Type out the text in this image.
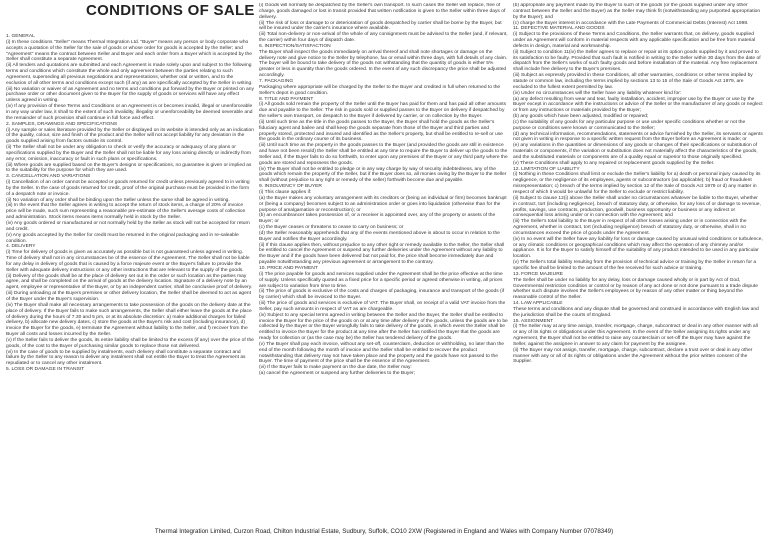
CONDITIONS OF SALE

1. GENERAL

(i) In these conditions "Seller" means Thermal Integration Ltd. "Buyer" means any person or body corporate who accepts a quotation of the Seller for the sale of goods or whose order for goods is accepted by the Seller; and "Agreement" means the contract between Seller and Buyer and each order from a Buyer which is accepted by the Seller shall constitute a separate Agreement.

(ii) All tenders and quotations are submitted and each Agreement is made solely upon and subject to the following terms and conditions which constitute the whole and only agreement between the parties relating to such Agreement, superseding all previous negotiations and representations, whether oral or written, and to the exclusion of all other terms and conditions except such (if any) as are specifically accepted by the Seller in writing.

(iii) No variation or waiver of an Agreement and no terms and conditions put forward by the Buyer or printed on any purchase order or other document given to the Buyer for the supply of goods or services will have any effect unless agreed in writing.

(iv) If any provision of these Terms and Conditions or an Agreement is or becomes invalid, illegal or unenforceable in any way under law, it shall to the extent of such invalidity, illegality or unenforceability be deemed severable and the remainder of such provision shall continue in full force and effect.

2. SAMPLES, DRAWINGS AND SPECIFICATIONS

(i) Any sample or sales literature provided by the Seller or displayed on its website is intended only as an indication of the quality, colour, size and finish of the product and the Seller will not accept liability for any deviation in the goods supplied arising from factors outside its control.

(ii) The Seller shall not be under any obligation to check or verify the accuracy or adequacy of any plans or specifications supplied by the Buyer and the Seller shall not be liable for any loss arising directly or indirectly from any error, omission, inaccuracy or fault in such plans or specifications.

(iii) Where goods are supplied based on the Buyer's designs or specifications, no guarantee is given or implied as to the suitability for the purpose for which they are used.

3. CANCELLATION AND VARIATIONS

(i) Cancellation of an order cannot be accepted or goods returned for credit unless previously agreed to in writing by the Seller. In the case of goods returned for credit, proof of the original purchase must be provided in the form of a despatch note or invoice.

(ii) No variation of any order shall be binding upon the Seller unless the same shall be agreed in writing.

(iii) In the event that the Seller agrees in writing to accept the return of stock items, a charge of 20% of invoice price will be made, such sum representing a reasonable pre-estimate of the Seller's average costs of collection and administration. Stock items means items normally held in stock by the Seller.

(iv) Any goods ordered or manufactured or not normally held by the Seller as stock will not be accepted for return and credit.

(v) Any goods accepted by the Seller for credit must be returned in the original packaging and in re-saleable condition.

4. DELIVERY

(i) Time for delivery of goods is given as accurately as possible but is not guaranteed unless agreed in writing. Time of delivery shall not in any circumstances be of the essence of the Agreement. The Seller shall not be liable for any delay in delivery of goods that is caused by a force majeure event or the Buyer's failure to provide the Seller with adequate delivery instructions or any other instructions that are relevant to the supply of the goods.

(ii) Delivery of the goods shall be at the place of delivery set out in the order or such location as the parties may agree, and shall be completed on the arrival of goods at the delivery location. Signature of a delivery note by an agent, employee or representative of the Buyer, or by an independent carrier, shall be conclusive proof of delivery.

(iii) During unloading at the Buyers premises or other delivery location, the Seller shall be deemed to act as agent of the Buyer under the Buyer's supervision.

(iv) The Buyer shall make all necessary arrangements to take possession of the goods on the delivery date at the place of delivery. If the Buyer fails to make such arrangements, the Seller shall either leave the goods at the place of delivery during the hours of 7.30 and 5 pm, or at its absolute discretion: a) make additional charges for failed delivery, b) allocate new delivery dates, c) store the goods at the Buyer's risk and cost (including insurance), d) invoice the Buyer for the goods, e) terminate the Agreement without liability to the Seller, and f) recover from the Buyer all costs and losses incurred by the Seller.

(v) If the Seller fails to deliver the goods, its entire liability shall be limited to the excess (if any) over the price of the goods, of the cost to the Buyer of purchasing similar goods to replace those not delivered.

(vi) In the case of goods to be supplied by instalments, each delivery shall constitute a separate contract and failure by the Seller to any reason to deliver any instalment shall not entitle the Buyer to treat the Agreement as repudiated or to cancel any other instalment.

5. LOSS OR DAMAGE IN TRANSIT

(i) Goods will normally be despatched by the Seller's own transport. In such cases the Seller will replace, free of charge, goods damaged or lost in transit provided that written notification is given to the Seller within three days of delivery.

(ii) The risk of loss or damage to or deterioration of goods despatched by carrier shall be borne by the Buyer, but will be insured under the carrier's insurance where available.

(iii) Total non-delivery or non-arrival of the whole of any consignment must be advised to the Seller (and, if relevant, the carrier) within four days of dispatch date.

6. INSPECTION/SATISFACTION

The Buyer shall inspect the goods immediately on arrival thereof and shall note shortages or damage on the delivery note and give notice to the Seller by telephone, fax or email within three days, with full details of any claim.

The buyer will be bound to take delivery of the goods not withstanding that the quantity of goods is either 5% greater or less in quantity than the goods ordered. In the event of any such discrepancy the price shall be adjusted accordingly.

7. PACKAGING

Packaging where appropriate will be charged by the Seller to the Buyer and credited in full when returned to the Seller's depot in good condition.

8. TITLE AND PAYMENT

(i) All goods sold remain the property of the Seller until the Buyer has paid for them and has paid all other amounts due and payable to the Seller. The risk in goods sold or supplied passes to the Buyer on delivery if despatched by the seller's own transport, on despatch to the Buyer if delivered by carrier, or on collection by the Buyer.

(ii) Until such time as the title in the goods passes to the Buyer, the Buyer shall hold the goods as the Seller's fiduciary agent and bailee and shall keep the goods separate from those of the Buyer and third parties and properly stored, protected and insured and identified as the Seller's property, but shall be entitled to re-sell or use the goods in the ordinary course of its business.

(iii) Until such time as the property in the goods passes to the Buyer (and provided the goods are still in existence and have not been resold) the Seller shall be entitled at any time to require the Buyer to deliver up the goods to the Seller and, if the Buyer fails to do so forthwith, to enter upon any premises of the Buyer or any third party where the goods are stored and repossess the goods.

(iv) The Buyer shall not be entitled to pledge or in any way charge by way of security indebtedness, any of the goods which remain the property of the Seller, but if the Buyer does so, all monies owing by the Buyer to the Seller shall (without prejudice to any right or remedy of the seller) forthwith become due and payable.

9. INSOLVENCY OF BUYER

(i) This clause applies if:

(a) the Buyer makes any voluntary arrangement with its creditors or (being an individual or firm) becomes bankrupt or (being a company) becomes subject to an administration order or goes into liquidation (otherwise than for the purpose of amalgamation or reconstruction); or

(b) an encumbrancer takes possession of, or a receiver is appointed over, any of the property or assets of the Buyer; or

(c) the Buyer ceases or threatens to cease to carry on business; or

(d) the Seller reasonably apprehends that any of the events mentioned above is about to occur in relation to the Buyer and notifies the Buyer accordingly.

(ii) If this clause applies then, without prejudice to any other right or remedy available to the Seller, the Seller shall be entitled to cancel the Agreement or suspend any further deliveries under the Agreement without any liability to the Buyer and if the goods have been delivered but not paid for, the price shall become immediately due and payable notwithstanding any previous agreement or arrangement to the contrary.

10. PRICE AND PAYMENT

(i) The price payable for goods and services supplied under the Agreement shall be the price effective at the time of supply. Unless specifically quoted as a fixed price for a specific period or agreed otherwise in writing, all prices are subject to variation from time to time.

(ii) The price of goods is exclusive of the costs and charges of packaging, insurance and transport of the goods (if by carrier) which shall be invoiced to the Buyer.

(iii) The price of goods and services is exclusive of VAT. The Buyer shall, on receipt of a valid VAT invoice from the Seller, pay such amounts in respect of VAT as are chargeable.

(iv) Subject to any special terms agreed in writing between the Seller and the Buyer, the Seller shall be entitled to invoice the Buyer for the price of the goods on or at any time after delivery of the goods, unless the goods are to be collected by the Buyer or the Buyer wrongfully fails to take delivery of the goods, in which event the Seller shall be entitled to invoice the Buyer for the product at any time after the Seller has notified the Buyer that the goods are ready for collection or (as the case may be) the Seller has tendered delivery of the goods.

(v) The Buyer shall pay each invoice, without any set-off, counterclaim, deduction or withholding, no later than the end of the month following the month of invoice and the Seller shall be entitled to recover the product notwithstanding that delivery may not have taken place and the property and the goods have not passed to the Buyer. The time of payment of the price shall be the essence of the Agreement.

(vi) If the Buyer fails to make payment on the due date, the Seller may:

(a) cancel the Agreement or suspend any further deliveries to the Buyer;

(b) appropriate any payment made by the Buyer to such of the goods (or the goods supplied under any other contract between the Seller and the Buyer) as the Seller may think fit (notwithstanding any purported appropriation by the Buyer); and

(c) charge the Buyer interest in accordance with the Late Payments of Commercial Debts (Interest) Act 1998.

11. DEFECTIVE MATERIAL AND GOODS

(i) Subject to the provisions of these Terms and Conditions, the Seller warrants that, on delivery, goods supplied under an Agreement will conform in material respects with any applicable specification and be free from material defects in design, material and workmanship.

(ii) Subject to condition 11(iv) the Seller agrees to replace or repair at its option goods supplied by it and proved to its satisfaction to be faulty. Provided that such fault is notified in writing to the Seller within 30 days from the date of dispatch from the Seller's works of such faulty goods and before installation of the material. Any free replacement shall include free delivery to the Buyer's premises.

(iii) Subject as expressly provided in these Conditions, all other warranties, conditions or other terms implied by statute or common law, including the terms implied by sections 13 to 15 of the Sale of Goods Act 1979, are excluded to the fullest extent permitted by law.

(iv) Under no circumstances will the Seller have any liability whatever kind for:

(a) any defect resulting from wear and tear, faulty installation, accident, improper use by the Buyer or use by the Buyer except in accordance with the instructions or advice of the Seller or the manufacturer of any goods or neglect or from any instructions or materials provided by the Buyer;

(b) any goods which have been adjusted, modified or repaired;

(c) the suitability of any goods for any particular purpose or use under specific conditions whether or not the purpose or conditions were known or communicated to the Seller;

(d) any technical information, recommendations, statements or advice furnished by the Seller, its servants or agents not given in writing in response to a specific written request from the Buyer before an Agreement is made; or

(e) any variations in the quantities or dimensions of any goods or changes of their specifications or substitution of materials or components, if the variation or substitution does not materially affect the characteristics of the goods, and the substituted materials or components are of a quality equal or superior to those originally specified.

(v) These Conditions shall apply to any repaired or replacement goods supplied by the Seller.

12. LIMITATION OF LIABILITY

(i) Nothing in these Conditions shall limit or exclude the Seller's liability for a) death or personal injury caused by its negligence, or the negligence of its employees, agents or subcontractors (as applicable); b) fraud or fraudulent misrepresentation; c) breach of the terms implied by section 12 of the Sale of Goods Act 1979 or d) any matter in respect of which it would be unlawful for the Seller to exclude or restrict liability.

(ii) Subject to clause 12(i) above the Seller shall under no circumstances whatever be liable to the Buyer, whether in contract, tort (including negligence), breach of statutory duty, or otherwise, for any loss of or damage to revenue, profits, savings, use contracts, production, goodwill, business opportunity or business or any indirect or consequential loss arising under or in connection with the Agreement; and

(iii) The Seller's total liability to the Buyer in respect of all other losses arising under or in connection with the Agreement, whether in contract, tort (including negligence) breach of statutory duty, or otherwise, shall in no circumstances exceed the price of goods under the Agreement.

(iv) In no event will the Seller have any liability for loss or damage caused by unusual wind conditions or turbulence, or any climatic conditions or geographical conditions which may affect the operation of any chimney and/or appliance. It is for the Buyer to satisfy himself of the suitability of any product intended to be used in any particular location.

(v) The Seller's total liability resulting from the provision of technical advice or training by the Seller in return for a specific fee shall be limited to the amount of the fee received for such advice or training.

13. FORCE MAJEURE

The Seller shall be under no liability for any delay, loss or damage caused wholly or in part by Act of God, Governmental restriction condition or control or by reason of any act done or not done pursuant to a trade dispute whether such dispute involves the Seller's employees or by reason of any other matter or thing beyond the reasonable control of the Seller.

14. LAW APPLICABLE

These terms and conditions and any dispute shall be governed and construed in accordance with English law and the jurisdiction shall be the courts of England.

15. ASSIGNMENT

(i) The Seller may at any time assign, transfer, mortgage, charge, subcontract or deal in any other manner with all or any of its rights or obligations under this Agreement. In the event of the Seller assigning its rights under any Agreement, the Buyer shall not be entitled to raise any counterclaim or set-off the Buyer may have against the Seller, against the assignee in answer to any claim for payment by the assignee.

(ii) The Buyer may not assign, transfer, mortgage, charge, subcontract, declare a trust over or deal in any other manner with any or all of its rights or obligations under the Agreement without the prior written consent of the Supplier.

Thermal Integration Limited, Curzon Road, Chilton Industrial Estate, Sudbury, Suffolk, CO10 2XW (Registered in England and Wales with Company Number 07078349)
